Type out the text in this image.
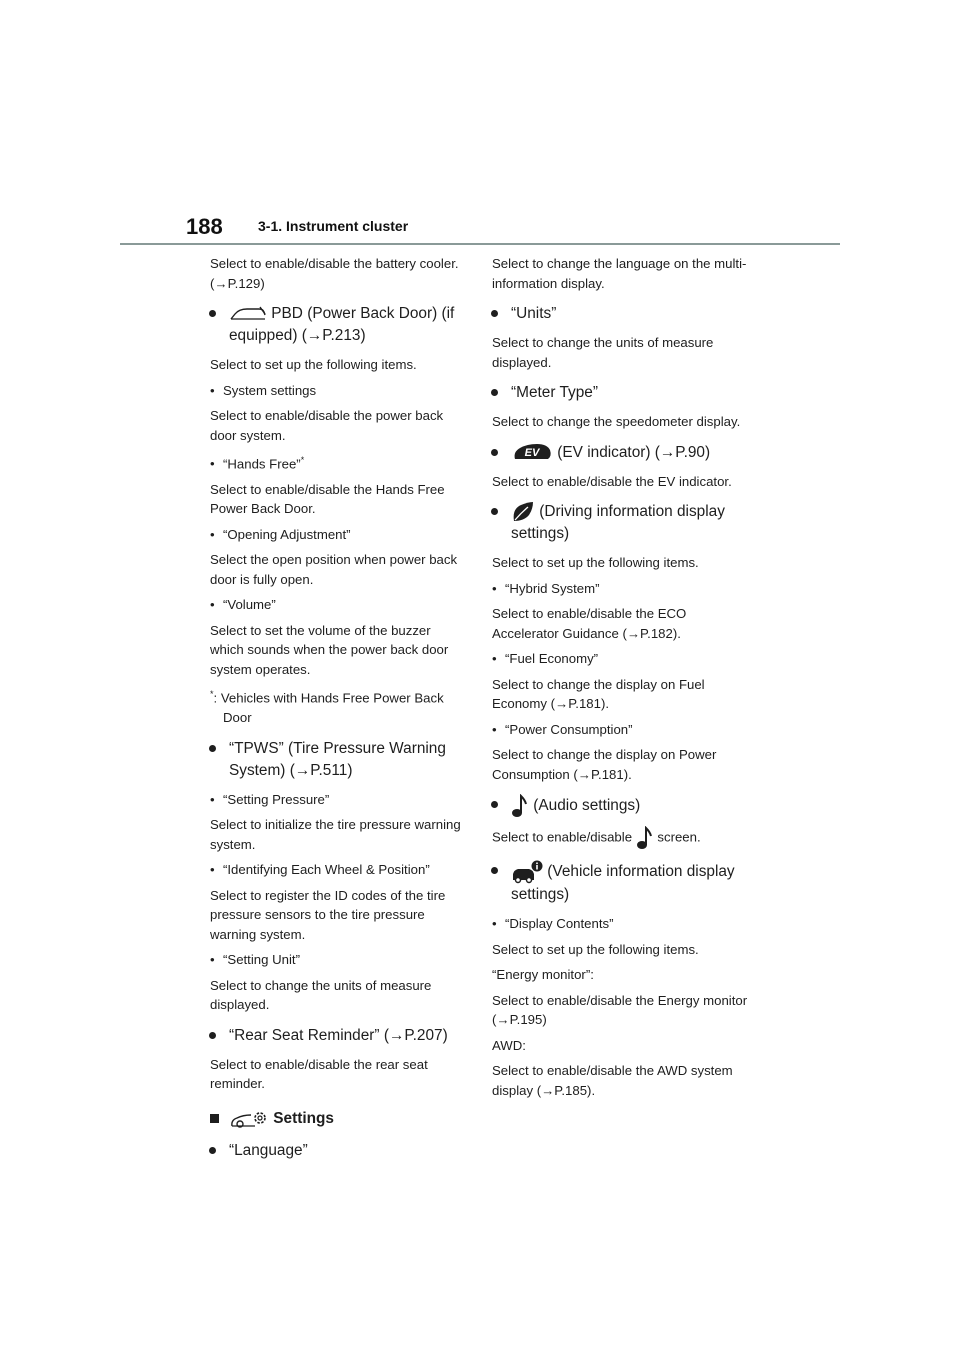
188	3-1. Instrument cluster

Select to enable/disable the battery cooler. (→P.129)

PBD (Power Back Door) (if equipped) (→P.213)

Select to set up the following items.

• System settings

Select to enable/disable the power back door system.

• “Hands Free”*

Select to enable/disable the Hands Free Power Back Door.

• “Opening Adjustment”

Select the open position when power back door is fully open.

• “Volume”

Select to set the volume of the buzzer which sounds when the power back door system operates.

*: Vehicles with Hands Free Power Back Door

“TPWS” (Tire Pressure Warning System) (→P.511)

• “Setting Pressure”

Select to initialize the tire pressure warning system.

• “Identifying Each Wheel & Position”

Select to register the ID codes of the tire pressure sensors to the tire pressure warning system.

• “Setting Unit”

Select to change the units of measure displayed.

“Rear Seat Reminder” (→P.207)

Select to enable/disable the rear seat reminder.

Settings
“Language”

Select to change the language on the multi-information display.

“Units”

Select to change the units of measure displayed.

“Meter Type”

Select to change the speedometer display.

EV (EV indicator) (→P.90)

Select to enable/disable the EV indicator.

(Driving information display settings)

Select to set up the following items.

• “Hybrid System”

Select to enable/disable the ECO Accelerator Guidance (→P.182).

• “Fuel Economy”

Select to change the display on Fuel Economy (→P.181).

• “Power Consumption”

Select to change the display on Power Consumption (→P.181).

(Audio settings)

Select to enable/disable screen.

(Vehicle information display settings)

• “Display Contents”

Select to set up the following items.

“Energy monitor”:

Select to enable/disable the Energy monitor (→P.195)

AWD:

Select to enable/disable the AWD system display (→P.185).
